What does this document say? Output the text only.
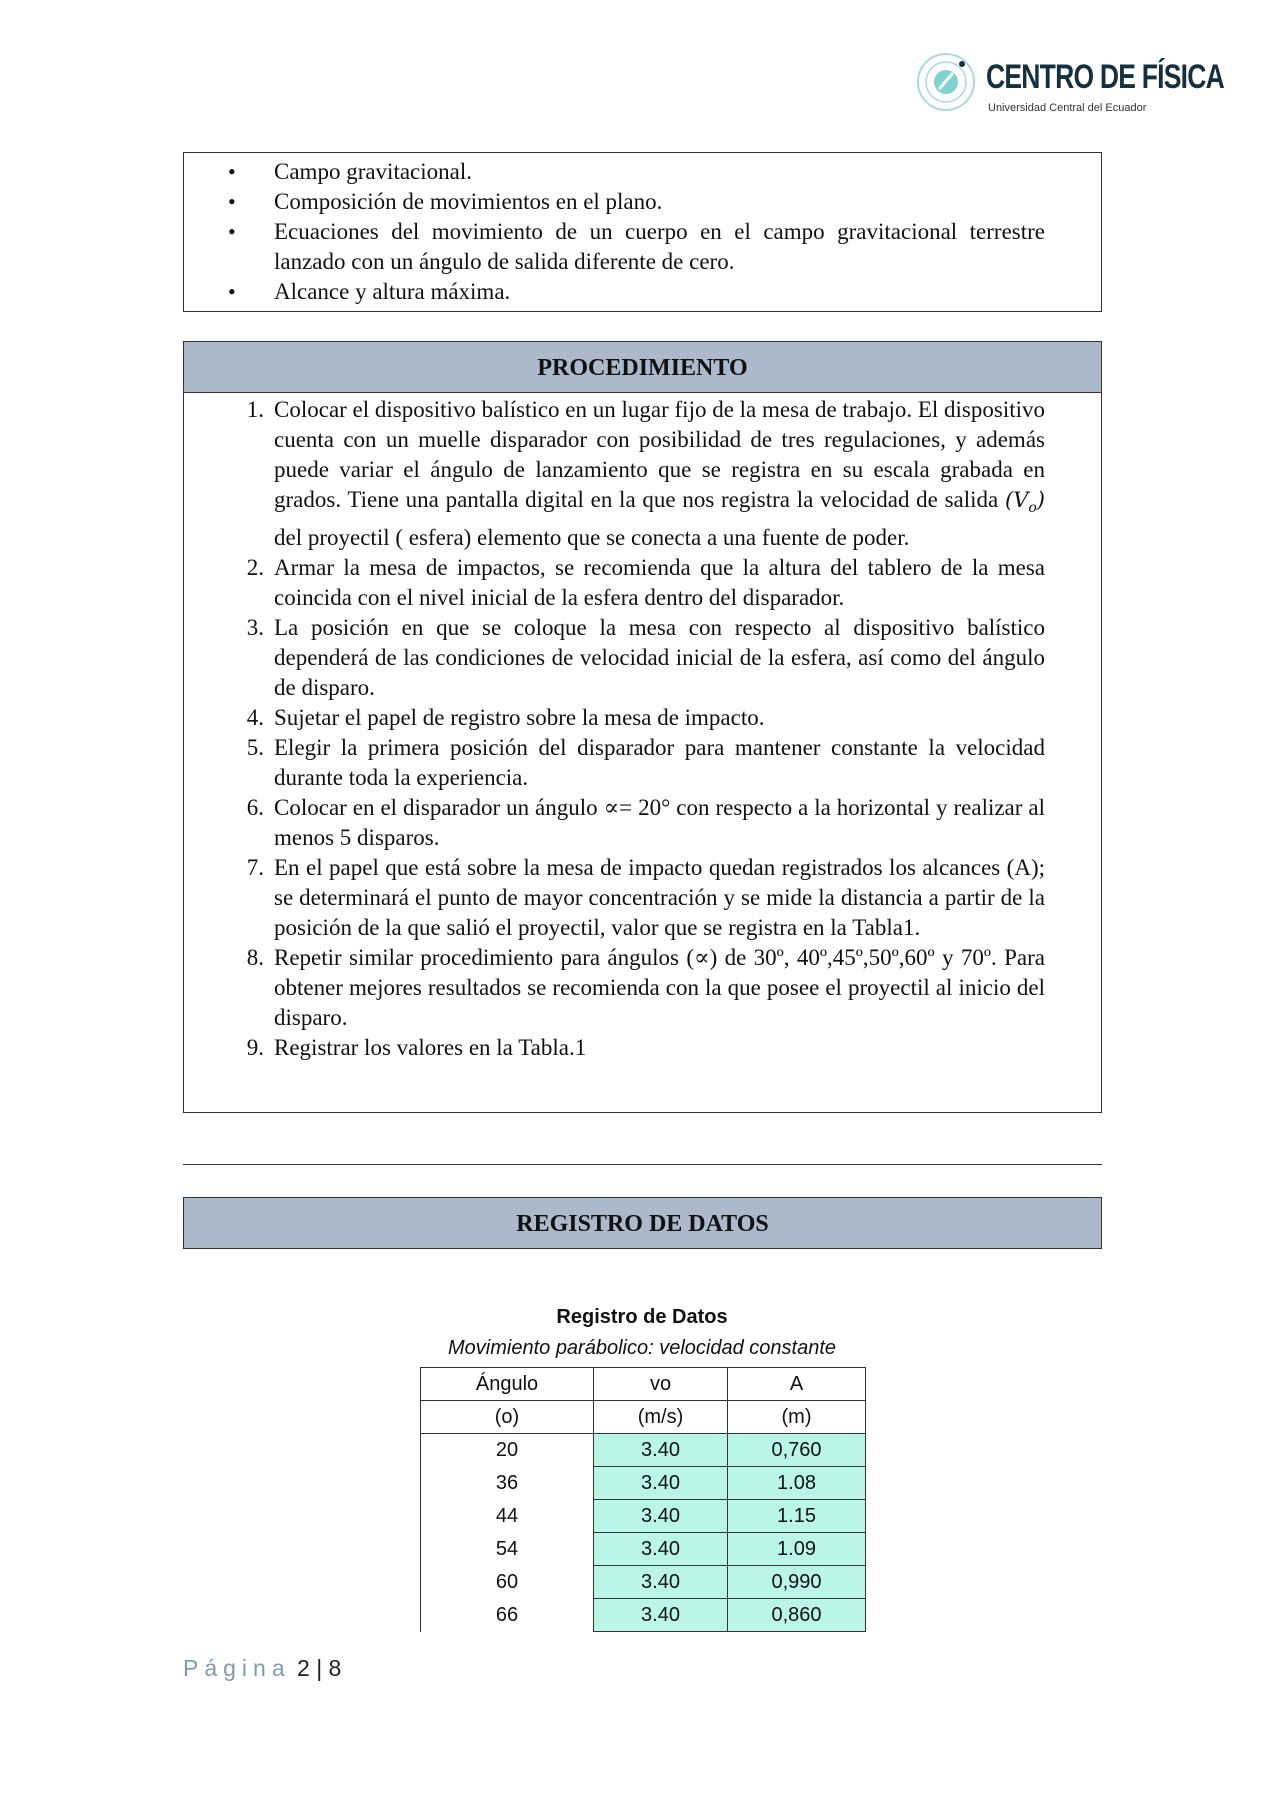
CENTRO DE FÍSICA
Universidad Central del Ecuador
• Campo gravitacional.
• Composición de movimientos en el plano.
• Ecuaciones del movimiento de un cuerpo en el campo gravitacional terrestre lanzado con un ángulo de salida diferente de cero.
• Alcance y altura máxima.
PROCEDIMIENTO
1. Colocar el dispositivo balístico en un lugar fijo de la mesa de trabajo. El dispositivo cuenta con un muelle disparador con posibilidad de tres regulaciones, y además puede variar el ángulo de lanzamiento que se registra en su escala grabada en grados. Tiene una pantalla digital en la que nos registra la velocidad de salida $(V_o)$ del proyectil ( esfera) elemento que se conecta a una fuente de poder.
2. Armar la mesa de impactos, se recomienda que la altura del tablero de la mesa coincida con el nivel inicial de la esfera dentro del disparador.
3. La posición en que se coloque la mesa con respecto al dispositivo balístico dependerá de las condiciones de velocidad inicial de la esfera, así como del ángulo de disparo.
4. Sujetar el papel de registro sobre la mesa de impacto.
5. Elegir la primera posición del disparador para mantener constante la velocidad durante toda la experiencia.
6. Colocar en el disparador un ángulo ∝= 20° con respecto a la horizontal y realizar al menos 5 disparos.
7. En el papel que está sobre la mesa de impacto quedan registrados los alcances (A); se determinará el punto de mayor concentración y se mide la distancia a partir de la posición de la que salió el proyectil, valor que se registra en la Tabla1.
8. Repetir similar procedimiento para ángulos (∝) de 30º, 40º,45º,50º,60º y 70º. Para obtener mejores resultados se recomienda con la que posee el proyectil al inicio del disparo.
9. Registrar los valores en la Tabla.1
REGISTRO DE DATOS
Registro de Datos
Movimiento parábolico: velocidad constante
Ángulo	vo	A
(o)	(m/s)	(m)
20	3.40	0,760
36	3.40	1.08
44	3.40	1.15
54	3.40	1.09
60	3.40	0,990
66	3.40	0,860
Página 2 | 8
